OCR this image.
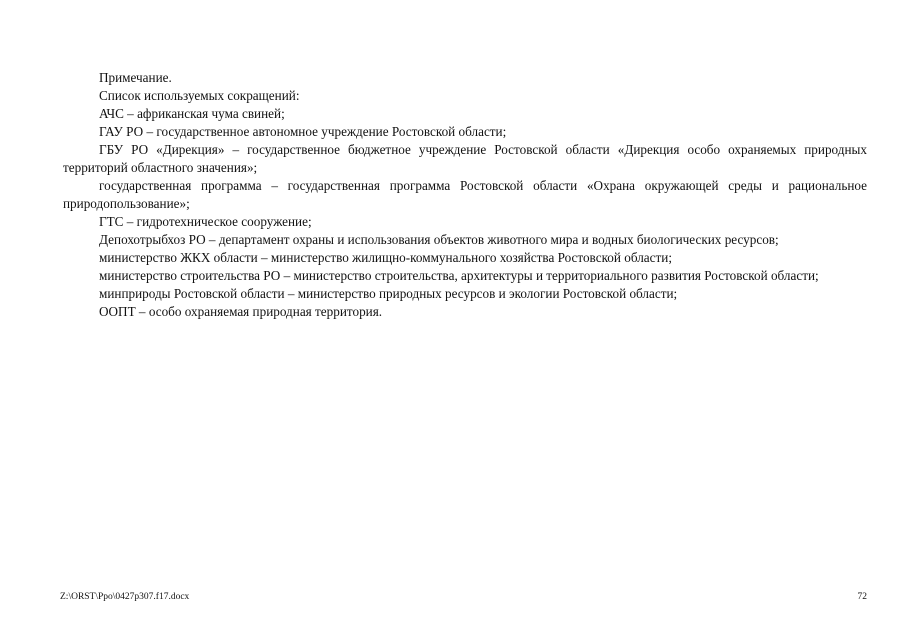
Примечание.

Список используемых сокращений:

АЧС – африканская чума свиней;

ГАУ РО – государственное автономное учреждение Ростовской области;

ГБУ РО «Дирекция» – государственное бюджетное учреждение Ростовской области «Дирекция особо охраняемых природных территорий областного значения»;

государственная программа – государственная программа Ростовской области «Охрана окружающей среды и рациональное природопользование»;

ГТС – гидротехническое сооружение;

Депохотрыбхоз РО – департамент охраны и использования объектов животного мира и водных биологических ресурсов;

министерство ЖКХ области – министерство жилищно-коммунального хозяйства Ростовской области;

министерство строительства РО – министерство строительства, архитектуры и территориального развития Ростовской области;

минприроды Ростовской области – министерство природных ресурсов и экологии Ростовской области;

ООПТ – особо охраняемая природная территория.

Z:\ORST\Ppo\0427p307.f17.docx	72
